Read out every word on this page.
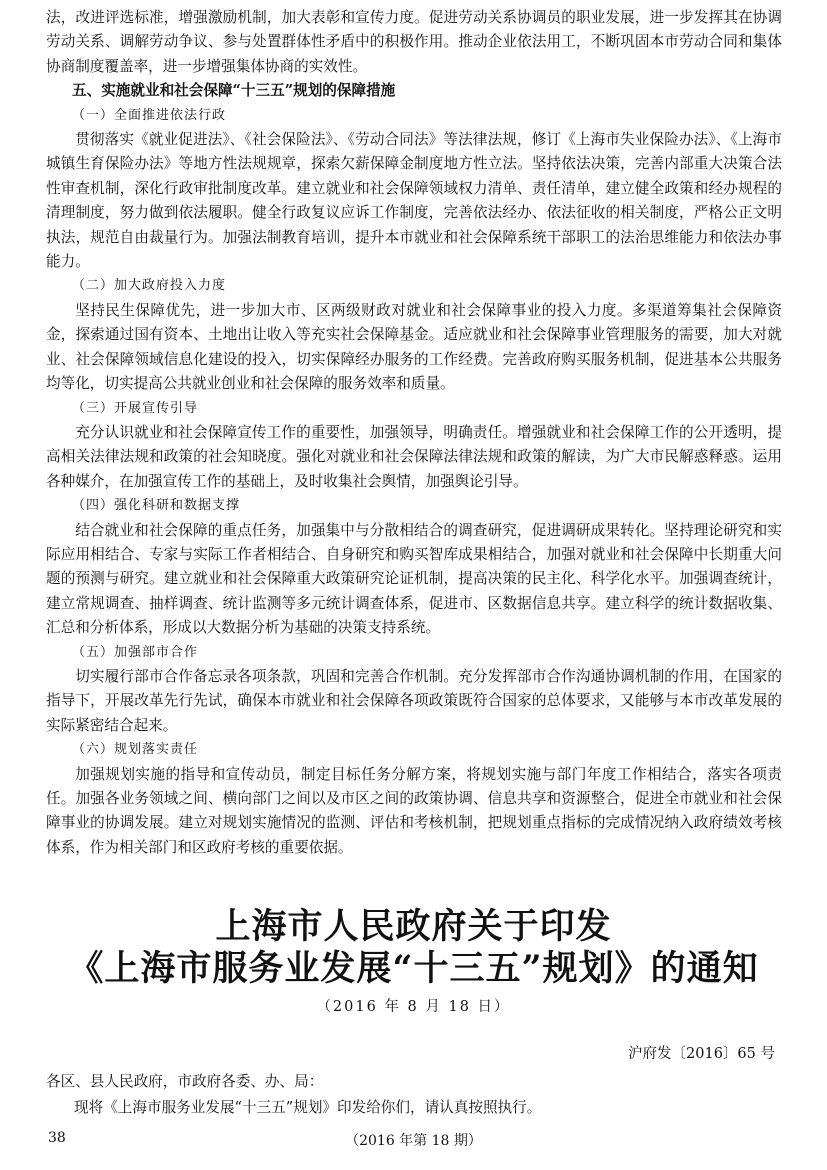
法，改进评选标准，增强激励机制，加大表彰和宣传力度。促进劳动关系协调员的职业发展，进一步发挥其在协调劳动关系、调解劳动争议、参与处置群体性矛盾中的积极作用。推动企业依法用工，不断巩固本市劳动合同和集体协商制度覆盖率，进一步增强集体协商的实效性。

五、实施就业和社会保障“十三五”规划的保障措施

（一）全面推进依法行政

贯彻落实《就业促进法》、《社会保险法》、《劳动合同法》等法律法规，修订《上海市失业保险办法》、《上海市城镇生育保险办法》等地方性法规规章，探索欠薪保障金制度地方性立法。坚持依法决策，完善内部重大决策合法性审查机制，深化行政审批制度改革。建立就业和社会保障领域权力清单、责任清单，建立健全政策和经办规程的清理制度，努力做到依法履职。健全行政复议应诉工作制度，完善依法经办、依法征收的相关制度，严格公正文明执法，规范自由裁量行为。加强法制教育培训，提升本市就业和社会保障系统干部职工的法治思维能力和依法办事能力。

（二）加大政府投入力度

坚持民生保障优先，进一步加大市、区两级财政对就业和社会保障事业的投入力度。多渠道筹集社会保障资金，探索通过国有资本、土地出让收入等充实社会保障基金。适应就业和社会保障事业管理服务的需要，加大对就业、社会保障领域信息化建设的投入，切实保障经办服务的工作经费。完善政府购买服务机制，促进基本公共服务均等化，切实提高公共就业创业和社会保障的服务效率和质量。

（三）开展宣传引导

充分认识就业和社会保障宣传工作的重要性，加强领导，明确责任。增强就业和社会保障工作的公开透明，提高相关法律法规和政策的社会知晓度。强化对就业和社会保障法律法规和政策的解读，为广大市民解惑释惑。运用各种媒介，在加强宣传工作的基础上，及时收集社会舆情，加强舆论引导。

（四）强化科研和数据支撑

结合就业和社会保障的重点任务，加强集中与分散相结合的调查研究，促进调研成果转化。坚持理论研究和实际应用相结合、专家与实际工作者相结合、自身研究和购买智库成果相结合，加强对就业和社会保障中长期重大问题的预测与研究。建立就业和社会保障重大政策研究论证机制，提高决策的民主化、科学化水平。加强调查统计，建立常规调查、抽样调查、统计监测等多元统计调查体系，促进市、区数据信息共享。建立科学的统计数据收集、汇总和分析体系，形成以大数据分析为基础的决策支持系统。

（五）加强部市合作

切实履行部市合作备忘录各项条款，巩固和完善合作机制。充分发挥部市合作沟通协调机制的作用，在国家的指导下，开展改革先行先试，确保本市就业和社会保障各项政策既符合国家的总体要求，又能够与本市改革发展的实际紧密结合起来。

（六）规划落实责任

加强规划实施的指导和宣传动员，制定目标任务分解方案，将规划实施与部门年度工作相结合，落实各项责任。加强各业务领域之间、横向部门之间以及市区之间的政策协调、信息共享和资源整合，促进全市就业和社会保障事业的协调发展。建立对规划实施情况的监测、评估和考核机制，把规划重点指标的完成情况纳入政府绩效考核体系，作为相关部门和区政府考核的重要依据。

上海市人民政府关于印发
《上海市服务业发展“十三五”规划》的通知
（2016 年 8 月 18 日）
沪府发〔2016〕65 号
各区、县人民政府，市政府各委、办、局：
现将《上海市服务业发展“十三五”规划》印发给你们，请认真按照执行。
38	（2016 年第 18 期）
